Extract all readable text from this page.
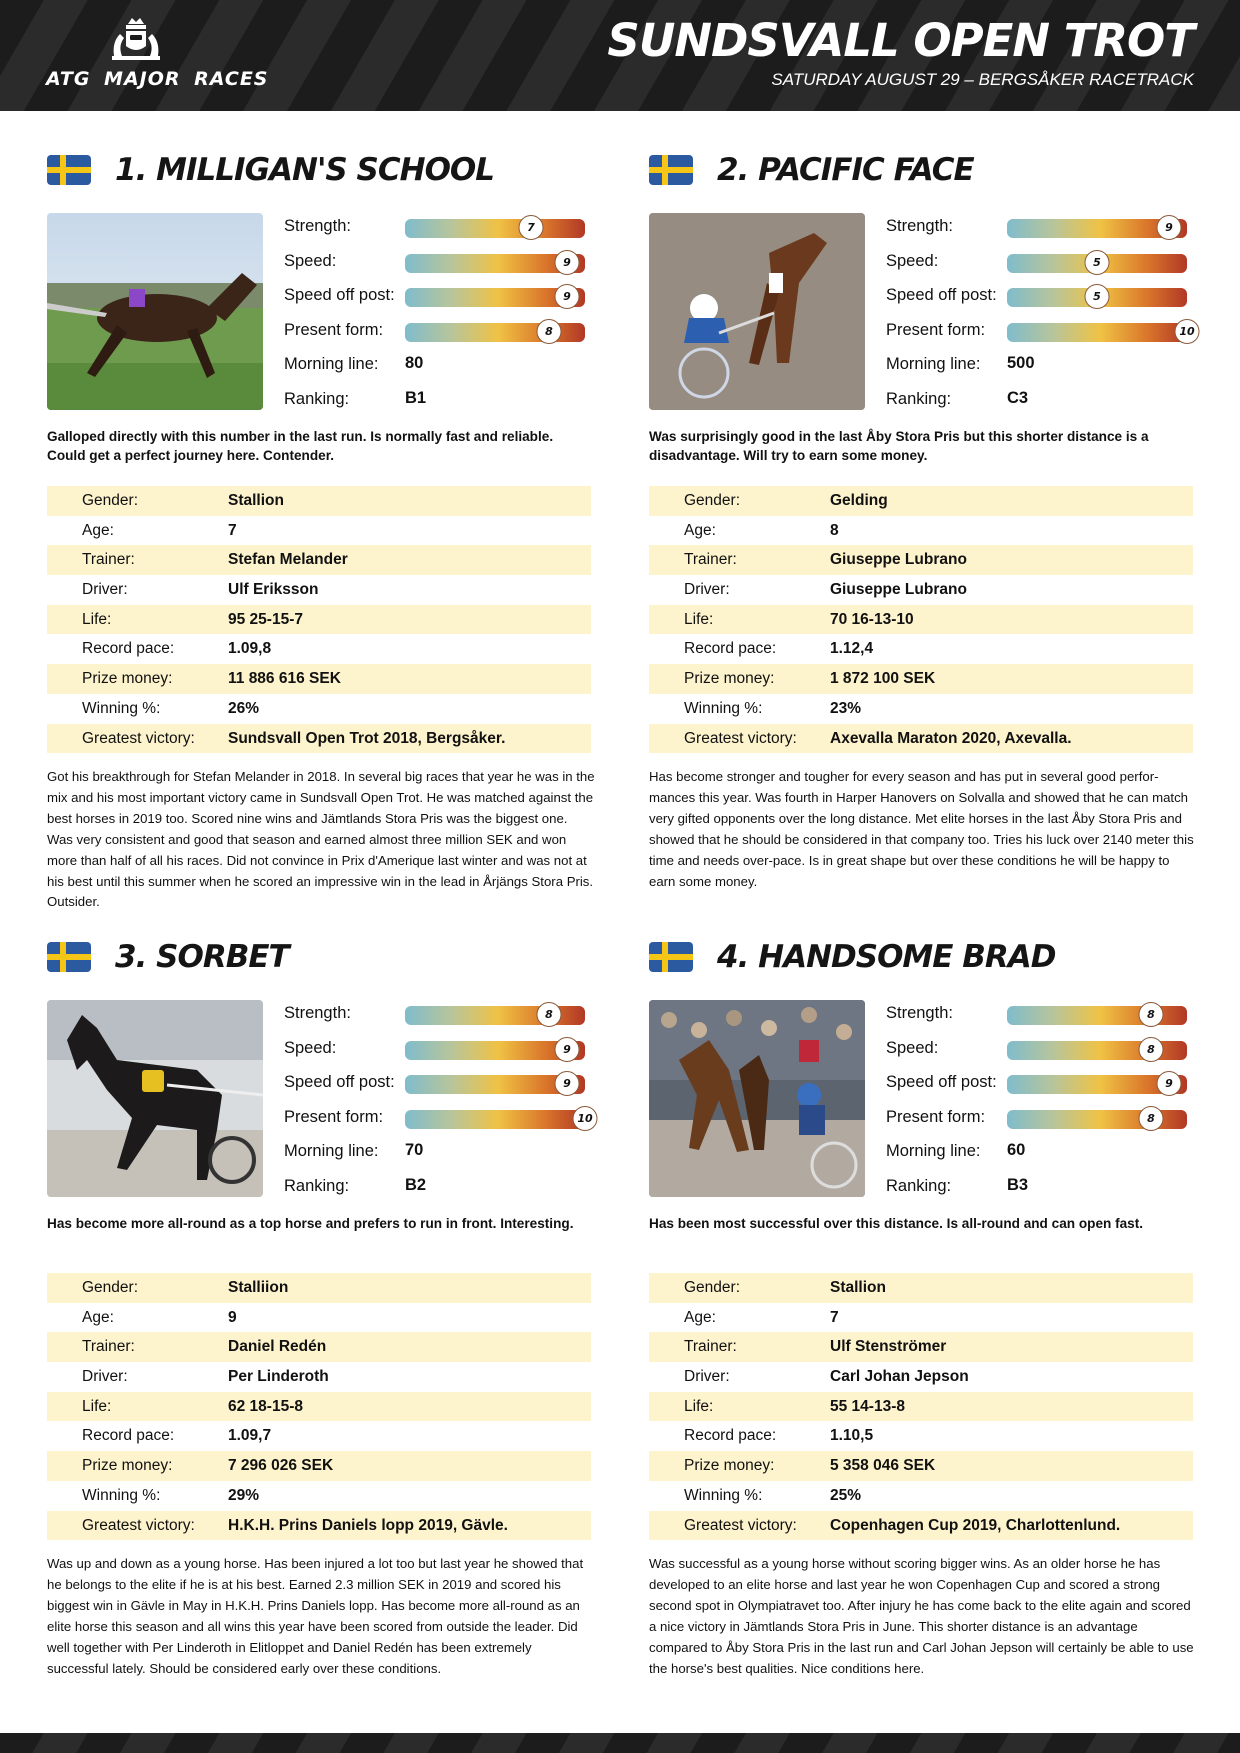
ATG MAJOR RACES
SUNDSVALL OPEN TROT
SATURDAY AUGUST 29 – BERGSÅKER RACETRACK
1. MILLIGAN'S SCHOOL
Strength:	7
Speed:	9
Speed off post:	9
Present form:	8
Morning line: 80
Ranking:	B1
Galloped directly with this number in the last run. Is normally fast and reliable. Could get a perfect journey here. Contender.
Gender:	Stallion
Age:	7
Trainer:	Stefan Melander
Driver:	Ulf Eriksson
Life:	95 25-15-7
Record pace:	1.09,8
Prize money:	11 886 616 SEK
Winning %:	26%
Greatest victory: Sundsvall Open Trot 2018, Bergsåker.
Got his breakthrough for Stefan Melander in 2018. In several big races that year he was in the mix and his most important victory came in Sundsvall Open Trot. He was matched against the best horses in 2019 too. Scored nine wins and Jämtlands Stora Pris was the biggest one. Was very consistent and good that season and earned almost three million SEK and won more than half of all his races. Did not convince in Prix d'Amerique last winter and was not at his best until this summer when he scored an impressive win in the lead in Årjängs Stora Pris. Outsider.
2. PACIFIC FACE
Strength:	9
Speed:	5
Speed off post:	5
Present form:	10
Morning line: 500
Ranking:	C3
Was surprisingly good in the last Åby Stora Pris but this shorter distance is a disadvantage. Will try to earn some money.
Gender:	Gelding
Age:	8
Trainer:	Giuseppe Lubrano
Driver:	Giuseppe Lubrano
Life:	70 16-13-10
Record pace:	1.12,4
Prize money:	1 872 100 SEK
Winning %:	23%
Greatest victory: Axevalla Maraton 2020, Axevalla.
Has become stronger and tougher for every season and has put in several good perfor-mances this year. Was fourth in Harper Hanovers on Solvalla and showed that he can match very gifted opponents over the long distance. Met elite horses in the last Åby Stora Pris and showed that he should be considered in that company too. Tries his luck over 2140 meter this time and needs over-pace. Is in great shape but over these conditions he will be happy to earn some money.
3. SORBET
Strength:	8
Speed:	9
Speed off post:	9
Present form:	10
Morning line: 70
Ranking:	B2
Has become more all-round as a top horse and prefers to run in front. Interesting.
Gender:	Stalliion
Age:	9
Trainer:	Daniel Redén
Driver:	Per Linderoth
Life:	62 18-15-8
Record pace:	1.09,7
Prize money:	7 296 026 SEK
Winning %:	29%
Greatest victory: H.K.H. Prins Daniels lopp 2019, Gävle.
Was up and down as a young horse. Has been injured a lot too but last year he showed that he belongs to the elite if he is at his best. Earned 2.3 million SEK in 2019 and scored his biggest win in Gävle in May in H.K.H. Prins Daniels lopp. Has become more all-round as an elite horse this season and all wins this year have been scored from outside the leader. Did well together with Per Linderoth in Elitloppet and Daniel Redén has been extremely successful lately. Should be considered early over these conditions.
4. HANDSOME BRAD
Strength:	8
Speed:	8
Speed off post:	9
Present form:	8
Morning line: 60
Ranking:	B3
Has been most successful over this distance. Is all-round and can open fast.
Gender:	Stallion
Age:	7
Trainer:	Ulf Stenströmer
Driver:	Carl Johan Jepson
Life:	55 14-13-8
Record pace:	1.10,5
Prize money:	5 358 046 SEK
Winning %:	25%
Greatest victory: Copenhagen Cup 2019, Charlottenlund.
Was successful as a young horse without scoring bigger wins. As an older horse he has developed to an elite horse and last year he won Copenhagen Cup and scored a strong second spot in Olympiatravet too. After injury he has come back to the elite again and scored a nice victory in Jämtlands Stora Pris in June. This shorter distance is an advantage compared to Åby Stora Pris in the last run and Carl Johan Jepson will certainly be able to use the horse's best qualities. Nice conditions here.
